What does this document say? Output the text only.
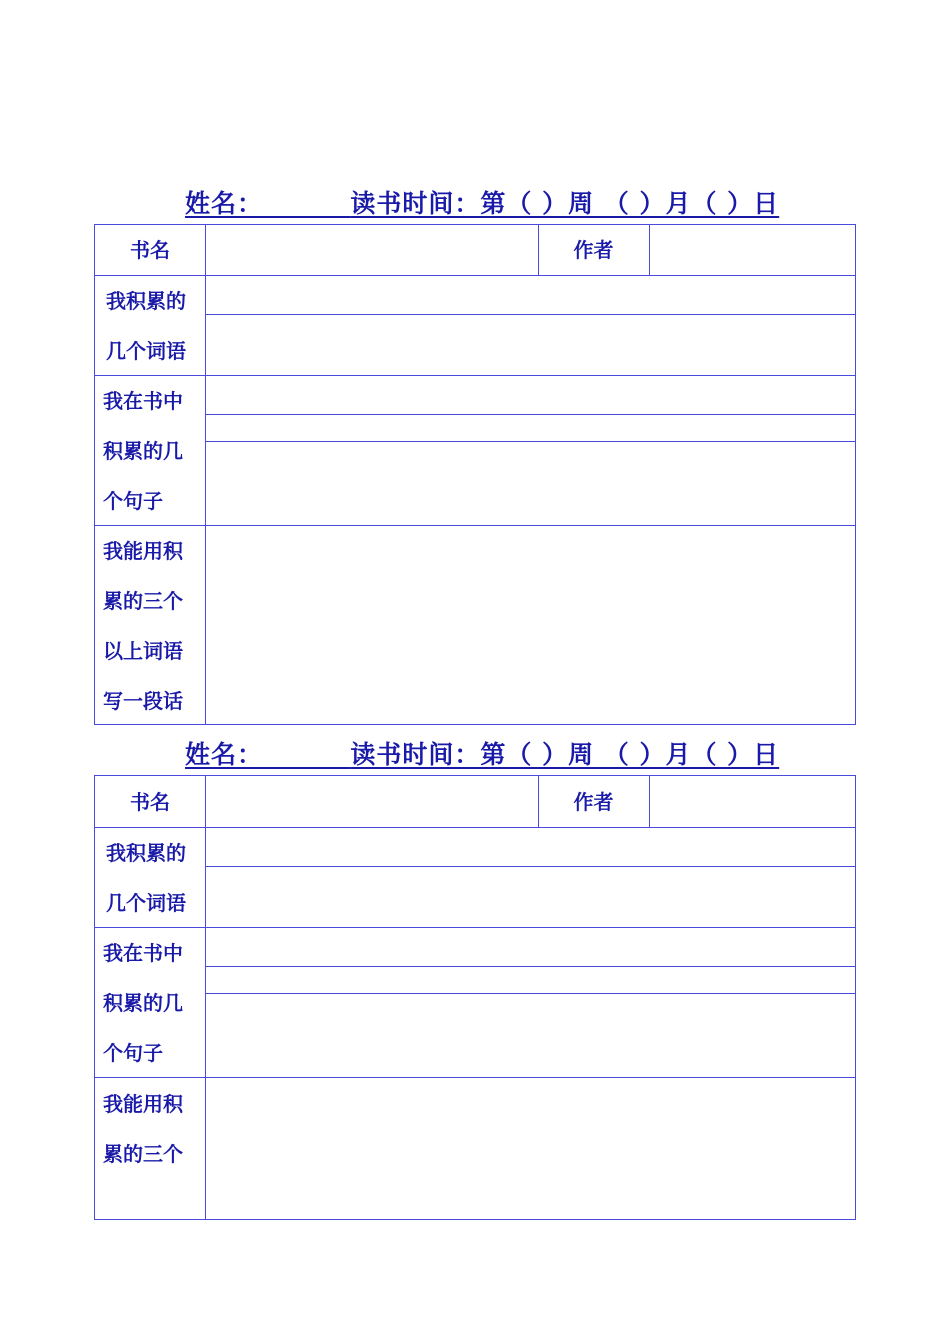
姓名：	读书时间：第（ ）周 （ ）月（ ）日
书名	作者
我积累的
几个词语
我在书中
积累的几
个句子
我能用积
累的三个
以上词语
写一段话
姓名：	读书时间：第（ ）周 （ ）月（ ）日
书名	作者
我积累的
几个词语
我在书中
积累的几
个句子
我能用积
累的三个
